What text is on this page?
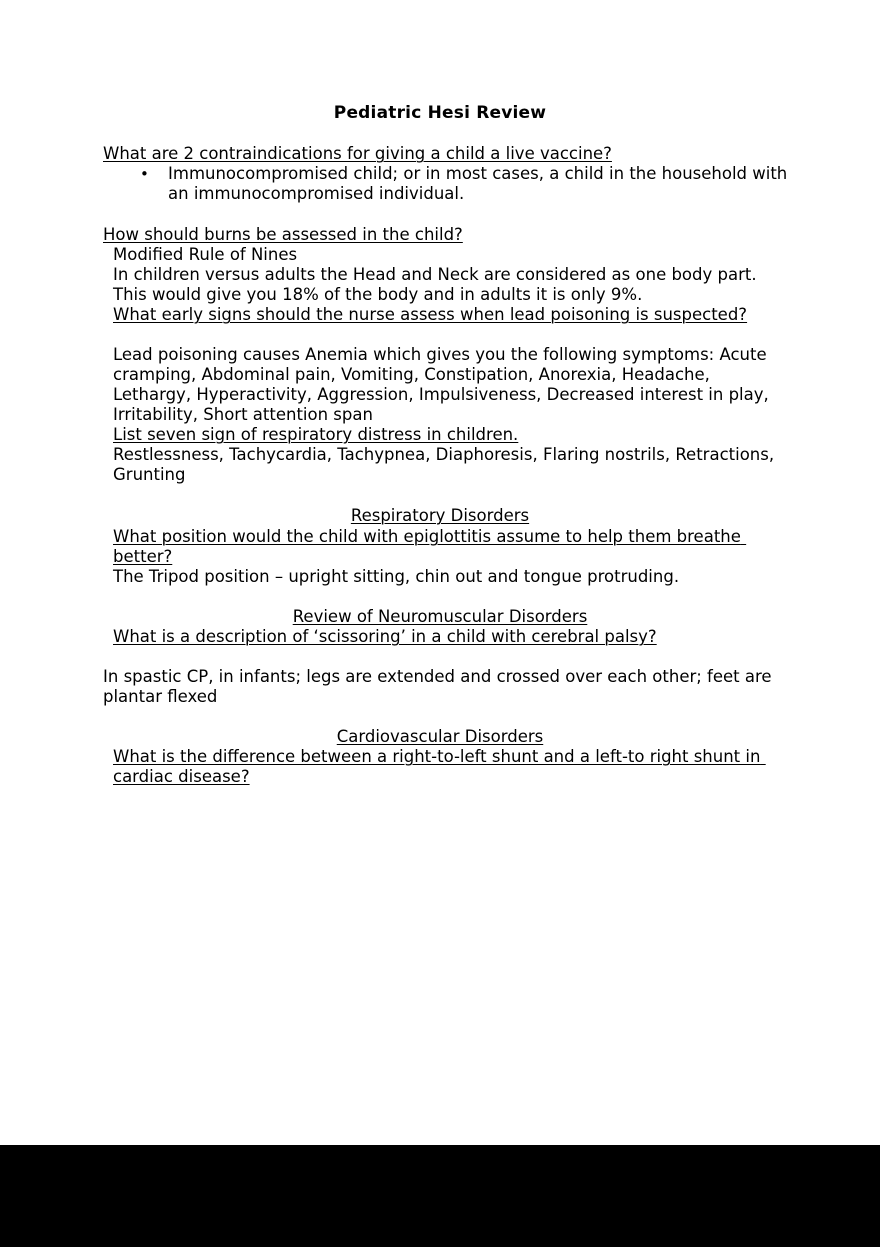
Pediatric Hesi Review
What are 2 contraindications for giving a child a live vaccine?
• Immunocompromised child; or in most cases, a child in the household with an immunocompromised individual.
How should burns be assessed in the child?
Modified Rule of Nines
In children versus adults the Head and Neck are considered as one body part. This would give you 18% of the body and in adults it is only 9%.
What early signs should the nurse assess when lead poisoning is suspected?
Lead poisoning causes Anemia which gives you the following symptoms: Acute cramping, Abdominal pain, Vomiting, Constipation, Anorexia, Headache, Lethargy, Hyperactivity, Aggression, Impulsiveness, Decreased interest in play, Irritability, Short attention span
List seven sign of respiratory distress in children.
Restlessness, Tachycardia, Tachypnea, Diaphoresis, Flaring nostrils, Retractions, Grunting
Respiratory Disorders
What position would the child with epiglottitis assume to help them breathe better?
The Tripod position – upright sitting, chin out and tongue protruding.
Review of Neuromuscular Disorders
What is a description of ‘scissoring’ in a child with cerebral palsy?
In spastic CP, in infants; legs are extended and crossed over each other; feet are plantar flexed
Cardiovascular Disorders
What is the difference between a right-to-left shunt and a left-to right shunt in cardiac disease?
